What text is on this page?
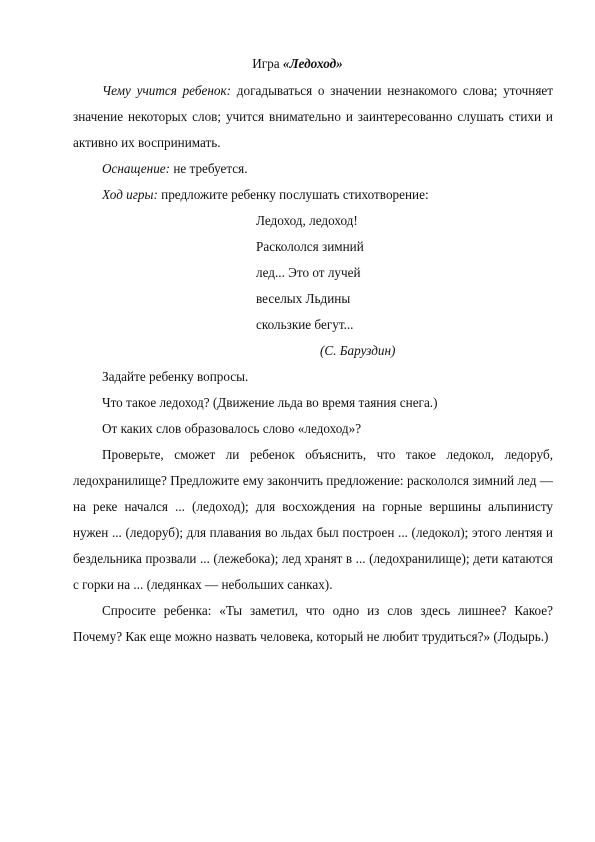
Игра «Ледоход»

Чему учится ребенок: догадываться о значении незнакомого слова; уточняет значение некоторых слов; учится внимательно и заинтересованно слушать стихи и активно их воспринимать.

Оснащение: не требуется.

Ход игры: предложите ребенку послушать стихотворение:

Ледоход, ледоход!

Раскололся зимний

лед... Это от лучей

веселых Льдины

скользкие бегут...

(С. Баруздин)

Задайте ребенку вопросы.

Что такое ледоход? (Движение льда во время таяния снега.)

От каких слов образовалось слово «ледоход»?

Проверьте, сможет ли ребенок объяснить, что такое ледокол, ледоруб, ледохранилище? Предложите ему закончить предложение: раскололся зимний лед — на реке начался ... (ледоход); для восхождения на горные вершины альпинисту нужен ... (ледоруб); для плавания во льдах был построен ... (ледокол); этого лентяя и бездельника прозвали ... (лежебока); лед хранят в ... (ледохранилище); дети катаются с горки на ... (ледянках — небольших санках).

Спросите ребенка: «Ты заметил, что одно из слов здесь лишнее? Какое? Почему? Как еще можно назвать человека, который не любит трудиться?» (Лодырь.)
